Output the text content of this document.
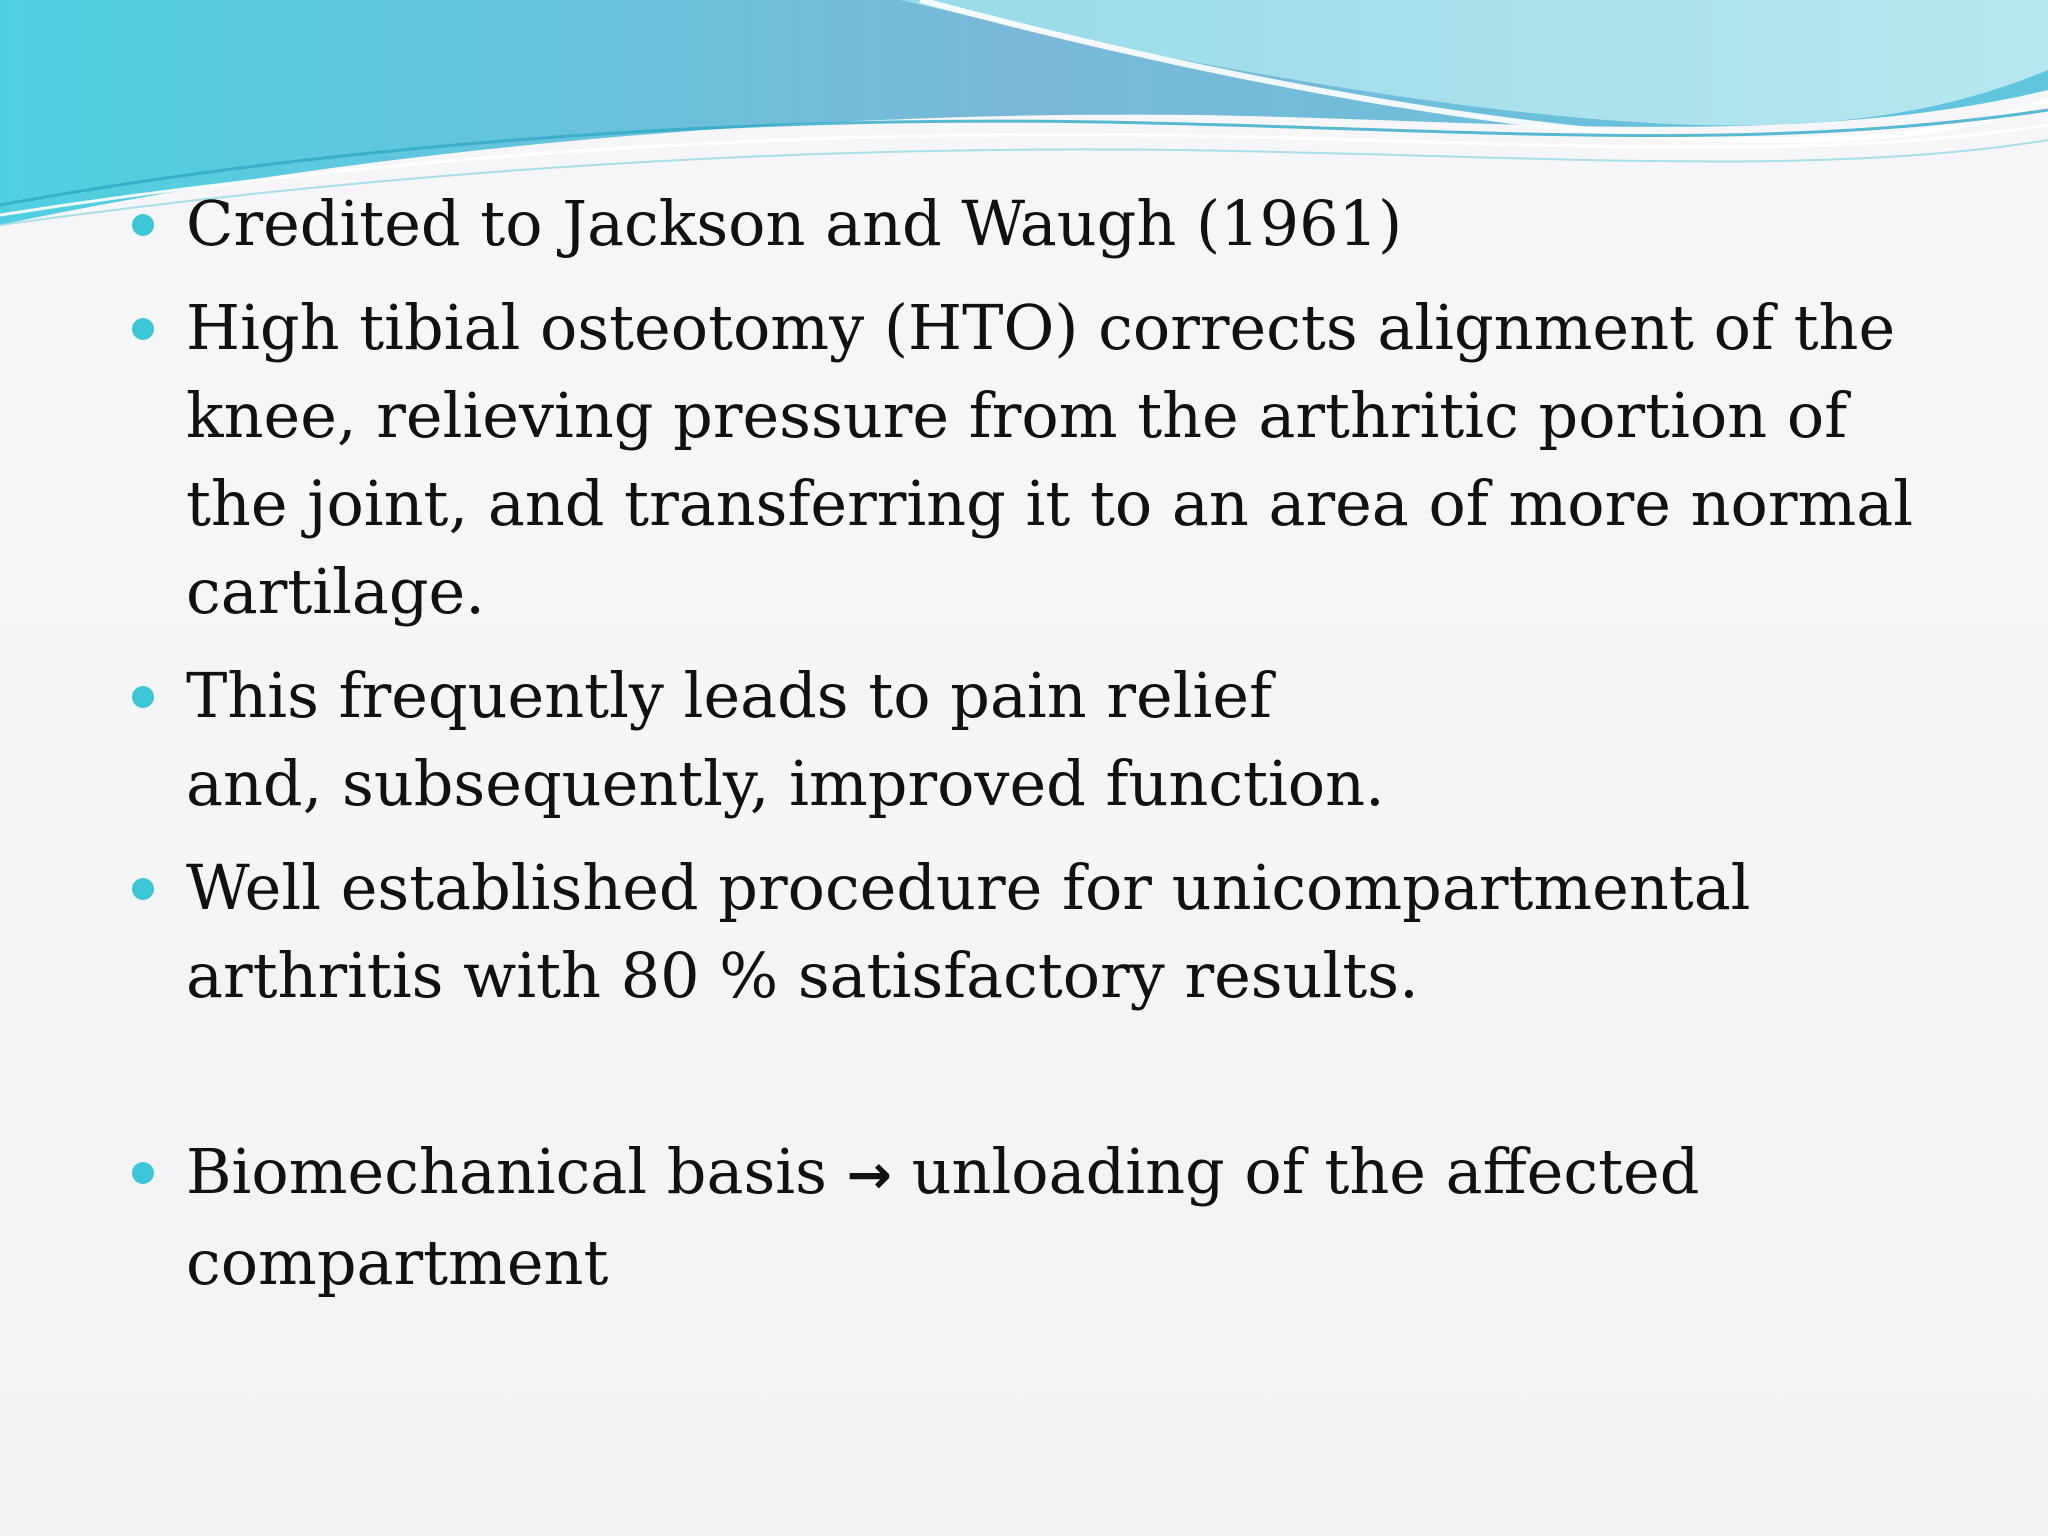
Credited to Jackson and Waugh (1961)
High tibial osteotomy (HTO) corrects alignment of the
knee, relieving pressure from the arthritic portion of
the joint, and transferring it to an area of more normal
cartilage.
This frequently leads to pain relief
and, subsequently, improved function.
Well established procedure for unicompartmental
arthritis with 80 % satisfactory results.
Biomechanical basis → unloading of the affected
compartment
